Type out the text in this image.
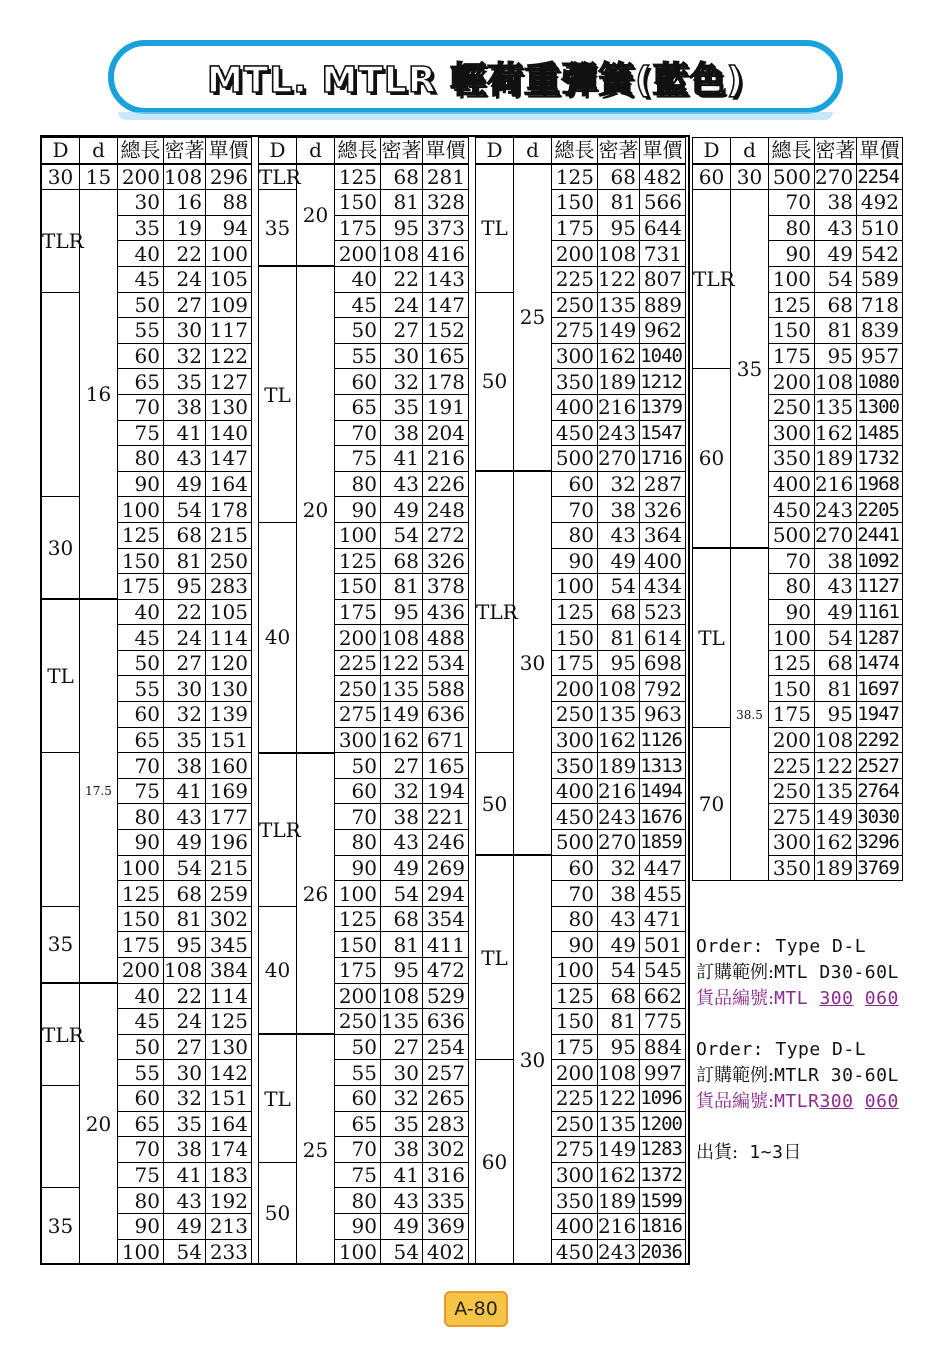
MTL. MTLR 輕荷重彈簧(藍色)
D	d	總長	密著	單價
30	15	200	108	296
TLR	16	30	16	88
		35	19	94
		40	22	100
		45	24	105
		50	27	109
		55	30	117
		60	32	122
		65	35	127
		70	38	130
		75	41	140
		80	43	147
		90	49	164
30		100	54	178
		125	68	215
		150	81	250
		175	95	283
TL	17.5	40	22	105
		45	24	114
		50	27	120
		55	30	130
		60	32	139
		65	35	151
		70	38	160
		75	41	169
		80	43	177
		90	49	196
		100	54	215
		125	68	259
35		150	81	302
		175	95	345
		200	108	384
TLR	20	40	22	114
		45	24	125
		50	27	130
		55	30	142
		60	32	151
		65	35	164
		70	38	174
		75	41	183
35		80	43	192
		90	49	213
		100	54	233
D	d	總長	密著	單價
TLR	20	125	68	281
35		150	81	328
		175	95	373
		200	108	416
TL	20	40	22	143
		45	24	147
		50	27	152
		55	30	165
		60	32	178
		65	35	191
		70	38	204
		75	41	216
		80	43	226
		90	49	248
40		100	54	272
		125	68	326
		150	81	378
		175	95	436
		200	108	488
		225	122	534
		250	135	588
		275	149	636
		300	162	671
TLR	26	50	27	165
		60	32	194
		70	38	221
		80	43	246
		90	49	269
		100	54	294
40		125	68	354
		150	81	411
		175	95	472
		200	108	529
		250	135	636
TL	25	50	27	254
		55	30	257
		60	32	265
		65	35	283
		70	38	302
50		75	41	316
		80	43	335
		90	49	369
		100	54	402
D	d	總長	密著	單價
TL	25	125	68	482
		150	81	566
		175	95	644
		200	108	731
		225	122	807
50		250	135	889
		275	149	962
		300	162	1040
		350	189	1212
		400	216	1379
		450	243	1547
		500	270	1716
TLR	30	60	32	287
		70	38	326
		80	43	364
		90	49	400
		100	54	434
		125	68	523
		150	81	614
		175	95	698
		200	108	792
		250	135	963
		300	162	1126
50		350	189	1313
		400	216	1494
		450	243	1676
		500	270	1859
TL	30	60	32	447
		70	38	455
		80	43	471
		90	49	501
		100	54	545
		125	68	662
		150	81	775
		175	95	884
60		200	108	997
		225	122	1096
		250	135	1200
		275	149	1283
		300	162	1372
		350	189	1599
		400	216	1816
		450	243	2036
D	d	總長	密著	單價
60	30	500	270	2254
TLR	35	70	38	492
		80	43	510
		90	49	542
		100	54	589
		125	68	718
		150	81	839
		175	95	957
60		200	108	1080
		250	135	1300
		300	162	1485
		350	189	1732
		400	216	1968
		450	243	2205
		500	270	2441
TL	38.5	70	38	1092
		80	43	1127
		90	49	1161
		100	54	1287
		125	68	1474
		150	81	1697
		175	95	1947
70		200	108	2292
		225	122	2527
		250	135	2764
		275	149	3030
		300	162	3296
		350	189	3769
Order: Type D-L
訂購範例:MTL D30-60L
貨品編號:MTL 300 060
Order: Type D-L
訂購範例:MTLR 30-60L
貨品編號:MTLR300 060
出貨: 1~3日
A-80
